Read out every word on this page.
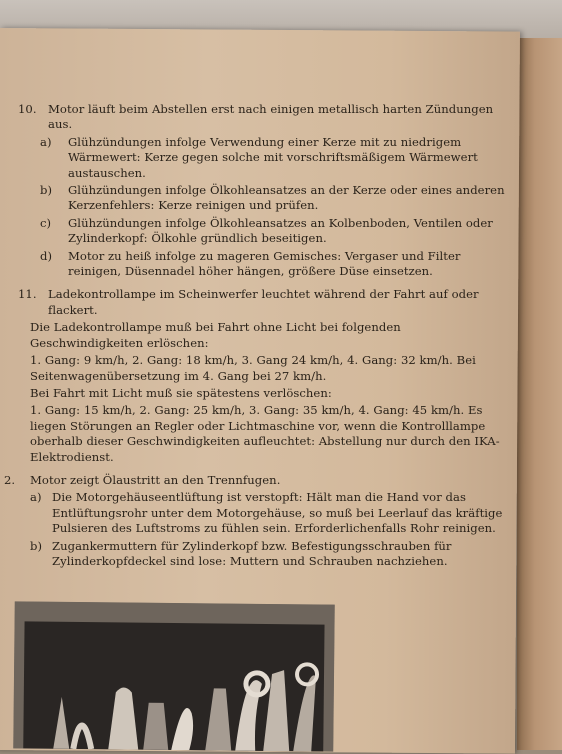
10. Motor läuft beim Abstellen erst nach einigen metallisch harten Zündungen aus.
a)	Glühzündungen infolge Verwendung einer Kerze mit zu niedrigem Wärmewert: Kerze gegen solche mit vorschriftsmäßigem Wärmewert austauschen.
b)	Glühzündungen infolge Ölkohleansatzes an der Kerze oder eines anderen Kerzenfehlers: Kerze reinigen und prüfen.
c)	Glühzündungen infolge Ölkohleansatzes an Kolbenboden, Ventilen oder Zylinderkopf: Ölkohle gründlich beseitigen.
d)	Motor zu heiß infolge zu mageren Gemisches: Vergaser und Filter reinigen, Düsennadel höher hängen, größere Düse einsetzen.
11. Ladekontrollampe im Scheinwerfer leuchtet während der Fahrt auf oder flackert.
Die Ladekontrollampe muß bei Fahrt ohne Licht bei folgenden Geschwindigkeiten erlöschen:
1. Gang: 9 km/h, 2. Gang: 18 km/h, 3. Gang 24 km/h, 4. Gang: 32 km/h. Bei Seitenwagenübersetzung im 4. Gang bei 27 km/h.
Bei Fahrt mit Licht muß sie spätestens verlöschen:
1. Gang: 15 km/h, 2. Gang: 25 km/h, 3. Gang: 35 km/h, 4. Gang: 45 km/h. Es liegen Störungen an Regler oder Lichtmaschine vor, wenn die Kontrolllampe oberhalb dieser Geschwindigkeiten aufleuchtet: Abstellung nur durch den IKA-Elektrodienst.
2.	Motor zeigt Ölaustritt an den Trennfugen.
a) Die Motorgehäuseentlüftung ist verstopft: Hält man die Hand vor das Entlüftungsrohr unter dem Motorgehäuse, so muß bei Leerlauf das kräftige Pulsieren des Luftstroms zu fühlen sein. Erforderlichenfalls Rohr reinigen.
b) Zugankermuttern für Zylinderkopf bzw. Befestigungsschrauben für Zylinderkopfdeckel sind lose: Muttern und Schrauben nachziehen.
